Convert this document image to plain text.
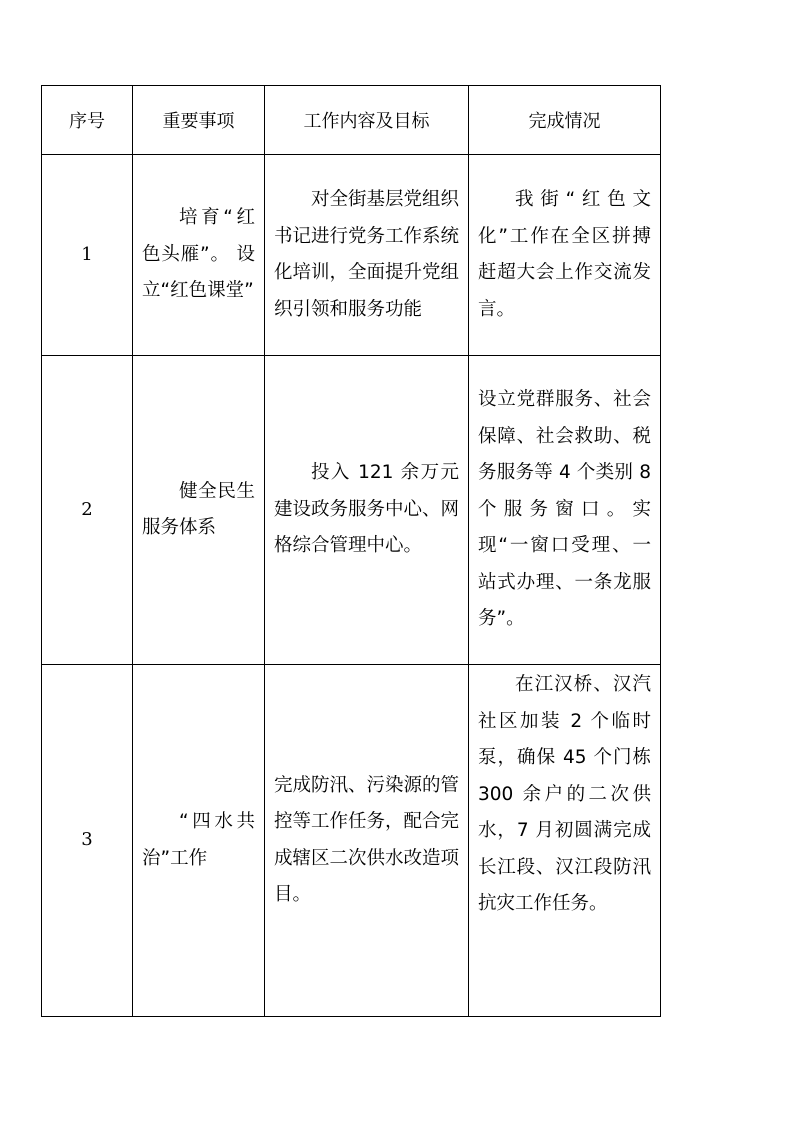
序号	重要事项	工作内容及目标	完成情况
1	培育“红色头雁”。 设立“红色课堂”	对全街基层党组织书记进行党务工作系统化培训，全面提升党组织引领和服务功能	我街“红色文化”工作在全区拼搏赶超大会上作交流发言。

2	健全民生服务体系	投入 121 余万元建设政务服务中心、网格综合管理中心。	设立党群服务、社会保障、社会救助、税务服务等 4 个类别 8 个服务窗口。实现“一窗口受理、一站式办理、一条龙服务”。

3	“四水共治”工作	完成防汛、污染源的管控等工作任务，配合完成辖区二次供水改造项目。	在江汉桥、汉汽社区加装 2 个临时泵，确保 45 个门栋 300 余户的二次供水，7 月初圆满完成长江段、汉江段防汛抗灾工作任务。
